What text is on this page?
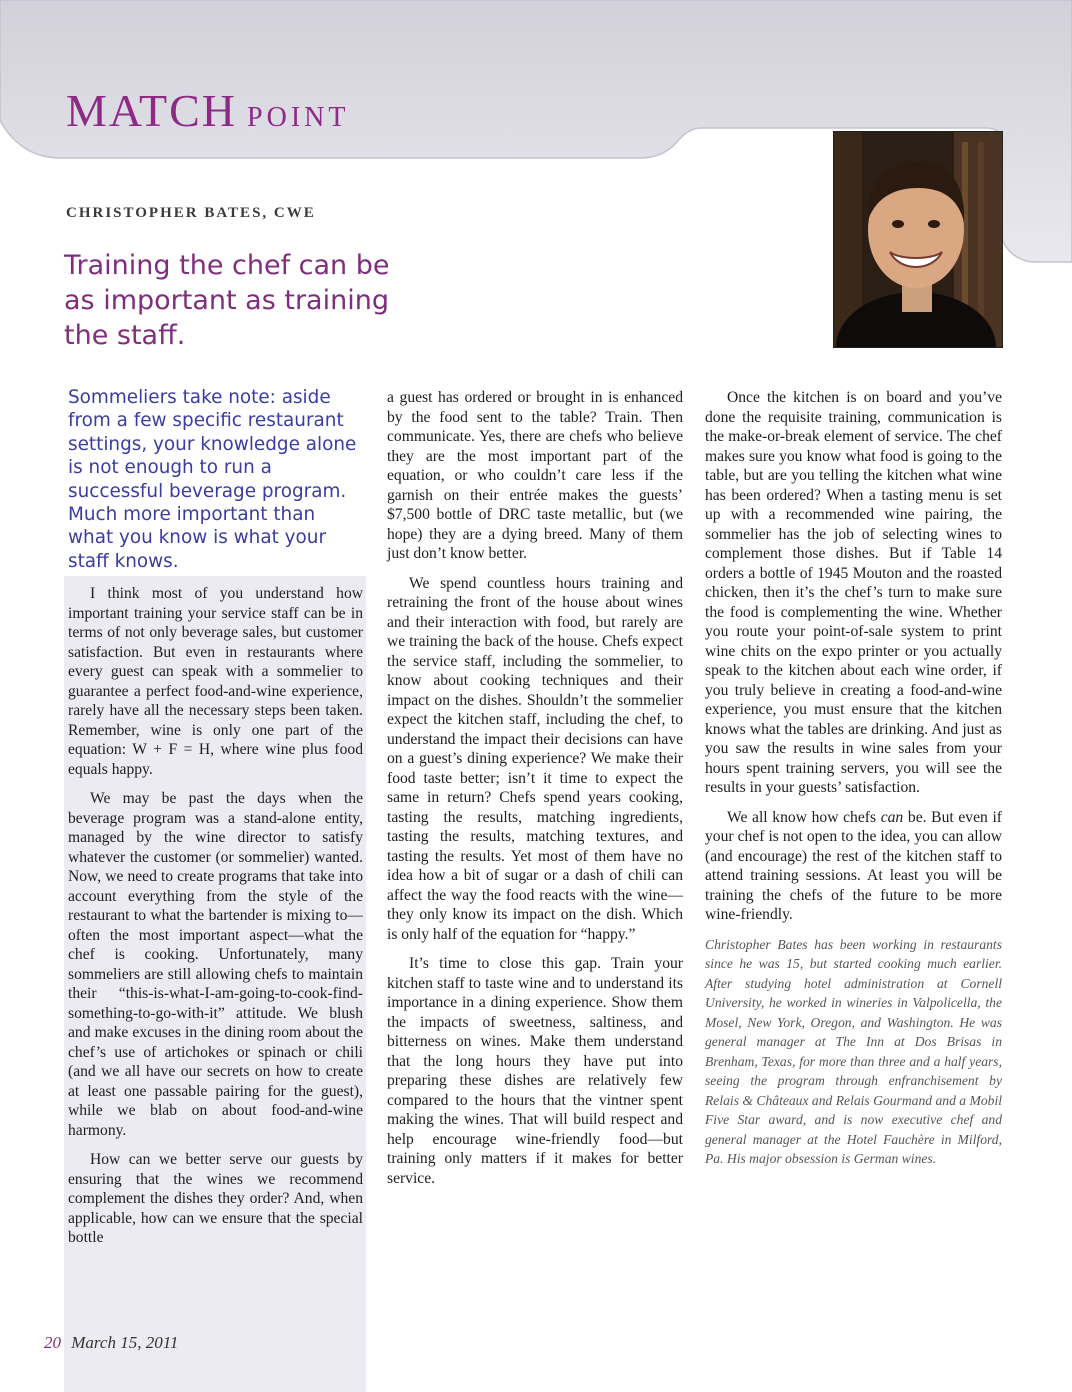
MATCH POINT
CHRISTOPHER BATES, CWE
Training the chef can be as important as training the staff.

Sommeliers take note: aside from a few specific restaurant settings, your knowledge alone is not enough to run a successful beverage program. Much more important than what you know is what your staff knows.

I think most of you understand how important training your service staff can be in terms of not only beverage sales, but customer satisfaction. But even in restaurants where every guest can speak with a sommelier to guarantee a perfect food-and-wine experience, rarely have all the necessary steps been taken. Remember, wine is only one part of the equation: W + F = H, where wine plus food equals happy.

We may be past the days when the beverage program was a stand-alone entity, managed by the wine director to satisfy whatever the customer (or sommelier) wanted. Now, we need to create programs that take into account everything from the style of the restaurant to what the bartender is mixing to—often the most important aspect—what the chef is cooking. Unfortunately, many sommeliers are still allowing chefs to maintain their “this-is-what-I-am-going-to-cook-find-something-to-go-with-it” attitude. We blush and make excuses in the dining room about the chef’s use of artichokes or spinach or chili (and we all have our secrets on how to create at least one passable pairing for the guest), while we blab on about food-and-wine harmony.

How can we better serve our guests by ensuring that the wines we recommend complement the dishes they order? And, when applicable, how can we ensure that the special bottle

a guest has ordered or brought in is enhanced by the food sent to the table? Train. Then communicate. Yes, there are chefs who believe they are the most important part of the equation, or who couldn’t care less if the garnish on their entrée makes the guests’ $7,500 bottle of DRC taste metallic, but (we hope) they are a dying breed. Many of them just don’t know better.

We spend countless hours training and retraining the front of the house about wines and their interaction with food, but rarely are we training the back of the house. Chefs expect the service staff, including the sommelier, to know about cooking techniques and their impact on the dishes. Shouldn’t the sommelier expect the kitchen staff, including the chef, to understand the impact their decisions can have on a guest’s dining experience? We make their food taste better; isn’t it time to expect the same in return? Chefs spend years cooking, tasting the results, matching ingredients, tasting the results, matching textures, and tasting the results. Yet most of them have no idea how a bit of sugar or a dash of chili can affect the way the food reacts with the wine—they only know its impact on the dish. Which is only half of the equation for “happy.”

It’s time to close this gap. Train your kitchen staff to taste wine and to understand its importance in a dining experience. Show them the impacts of sweetness, saltiness, and bitterness on wines. Make them understand that the long hours they have put into preparing these dishes are relatively few compared to the hours that the vintner spent making the wines. That will build respect and help encourage wine-friendly food—but training only matters if it makes for better service.

Once the kitchen is on board and you’ve done the requisite training, communication is the make-or-break element of service. The chef makes sure you know what food is going to the table, but are you telling the kitchen what wine has been ordered? When a tasting menu is set up with a recommended wine pairing, the sommelier has the job of selecting wines to complement those dishes. But if Table 14 orders a bottle of 1945 Mouton and the roasted chicken, then it’s the chef’s turn to make sure the food is complementing the wine. Whether you route your point-of-sale system to print wine chits on the expo printer or you actually speak to the kitchen about each wine order, if you truly believe in creating a food-and-wine experience, you must ensure that the kitchen knows what the tables are drinking. And just as you saw the results in wine sales from your hours spent training servers, you will see the results in your guests’ satisfaction.

We all know how chefs can be. But even if your chef is not open to the idea, you can allow (and encourage) the rest of the kitchen staff to attend training sessions. At least you will be training the chefs of the future to be more wine-friendly.

Christopher Bates has been working in restaurants since he was 15, but started cooking much earlier. After studying hotel administration at Cornell University, he worked in wineries in Valpolicella, the Mosel, New York, Oregon, and Washington. He was general manager at The Inn at Dos Brisas in Brenham, Texas, for more than three and a half years, seeing the program through enfranchisement by Relais & Châteaux and Relais Gourmand and a Mobil Five Star award, and is now executive chef and general manager at the Hotel Fauchère in Milford, Pa. His major obsession is German wines.

20 March 15, 2011
